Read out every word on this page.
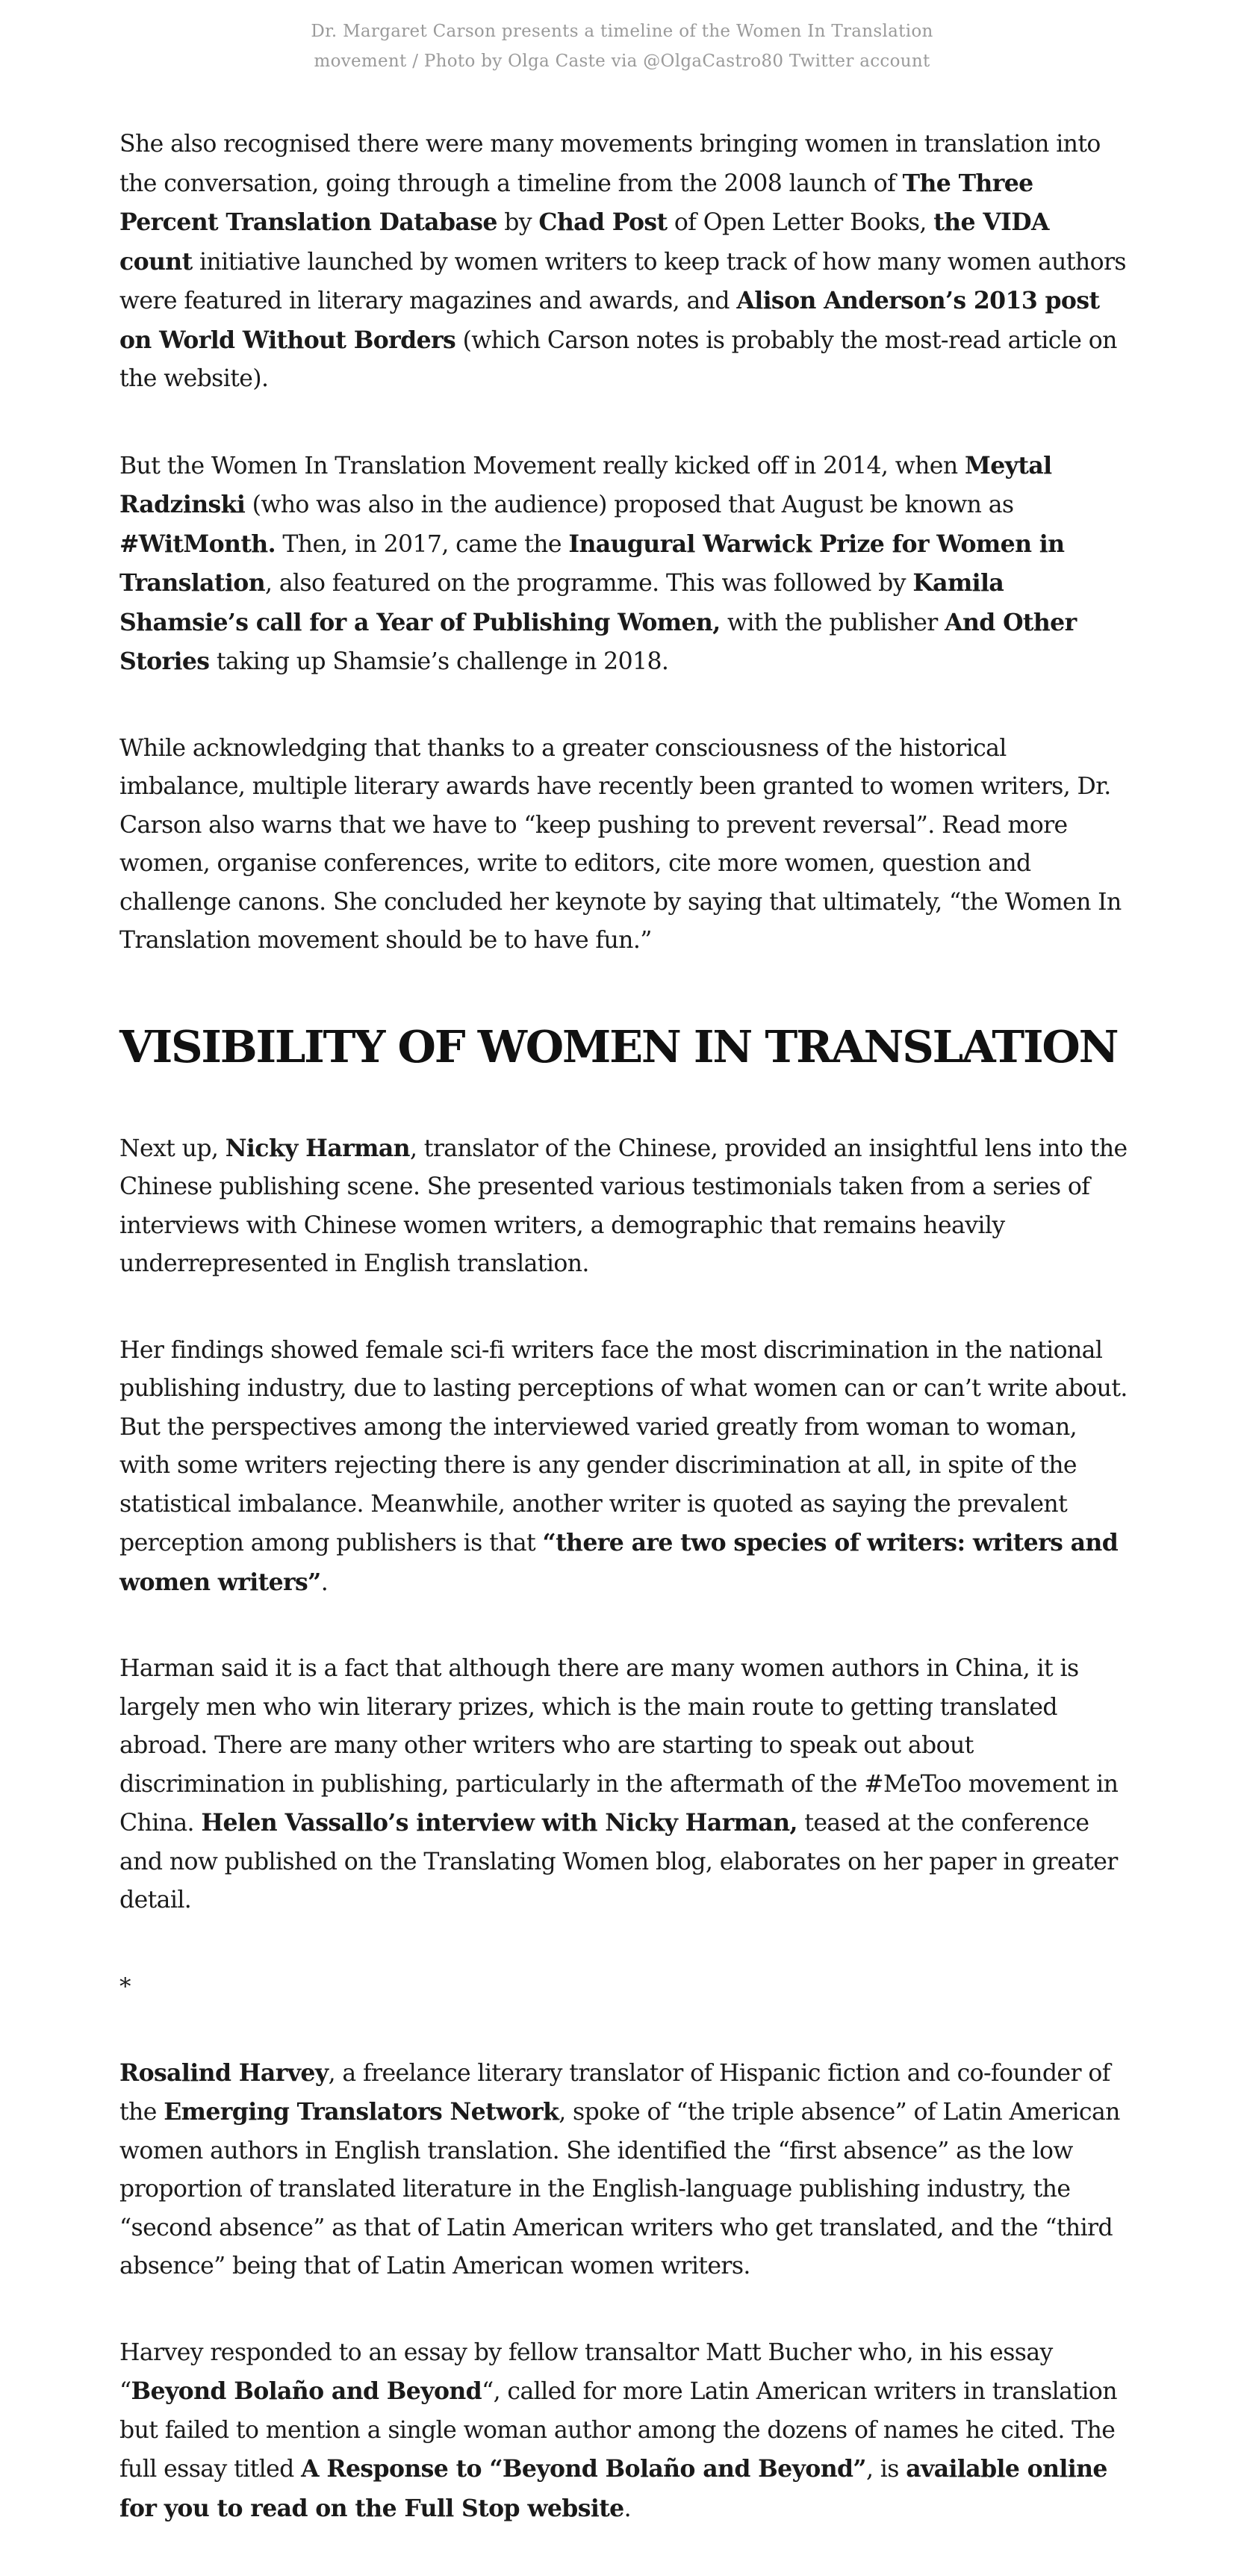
Dr. Margaret Carson presents a timeline of the Women In Translation
movement / Photo by Olga Caste via @OlgaCastro80 Twitter account

She also recognised there were many movements bringing women in translation into the conversation, going through a timeline from the 2008 launch of The Three Percent Translation Database by Chad Post of Open Letter Books, the VIDA count initiative launched by women writers to keep track of how many women authors were featured in literary magazines and awards, and Alison Anderson’s 2013 post on World Without Borders (which Carson notes is probably the most-read article on the website).

But the Women In Translation Movement really kicked off in 2014, when Meytal Radzinski (who was also in the audience) proposed that August be known as #WitMonth. Then, in 2017, came the Inaugural Warwick Prize for Women in Translation, also featured on the programme. This was followed by Kamila Shamsie’s call for a Year of Publishing Women, with the publisher And Other Stories taking up Shamsie’s challenge in 2018.

While acknowledging that thanks to a greater consciousness of the historical imbalance, multiple literary awards have recently been granted to women writers, Dr. Carson also warns that we have to “keep pushing to prevent reversal”. Read more women, organise conferences, write to editors, cite more women, question and challenge canons. She concluded her keynote by saying that ultimately, “the Women In Translation movement should be to have fun.”

VISIBILITY OF WOMEN IN TRANSLATION

Next up, Nicky Harman, translator of the Chinese, provided an insightful lens into the Chinese publishing scene. She presented various testimonials taken from a series of interviews with Chinese women writers, a demographic that remains heavily underrepresented in English translation.

Her findings showed female sci-fi writers face the most discrimination in the national publishing industry, due to lasting perceptions of what women can or can’t write about. But the perspectives among the interviewed varied greatly from woman to woman, with some writers rejecting there is any gender discrimination at all, in spite of the statistical imbalance. Meanwhile, another writer is quoted as saying the prevalent perception among publishers is that “there are two species of writers: writers and women writers”.

Harman said it is a fact that although there are many women authors in China, it is largely men who win literary prizes, which is the main route to getting translated abroad. There are many other writers who are starting to speak out about discrimination in publishing, particularly in the aftermath of the #MeToo movement in China. Helen Vassallo’s interview with Nicky Harman, teased at the conference and now published on the Translating Women blog, elaborates on her paper in greater detail.

*

Rosalind Harvey, a freelance literary translator of Hispanic fiction and co-founder of the Emerging Translators Network, spoke of “the triple absence” of Latin American women authors in English translation. She identified the “first absence” as the low proportion of translated literature in the English-language publishing industry, the “second absence” as that of Latin American writers who get translated, and the “third absence” being that of Latin American women writers.

Harvey responded to an essay by fellow transaltor Matt Bucher who, in his essay “Beyond Bolaño and Beyond“, called for more Latin American writers in translation but failed to mention a single woman author among the dozens of names he cited. The full essay titled A Response to “Beyond Bolaño and Beyond”, is available online for you to read on the Full Stop website.
